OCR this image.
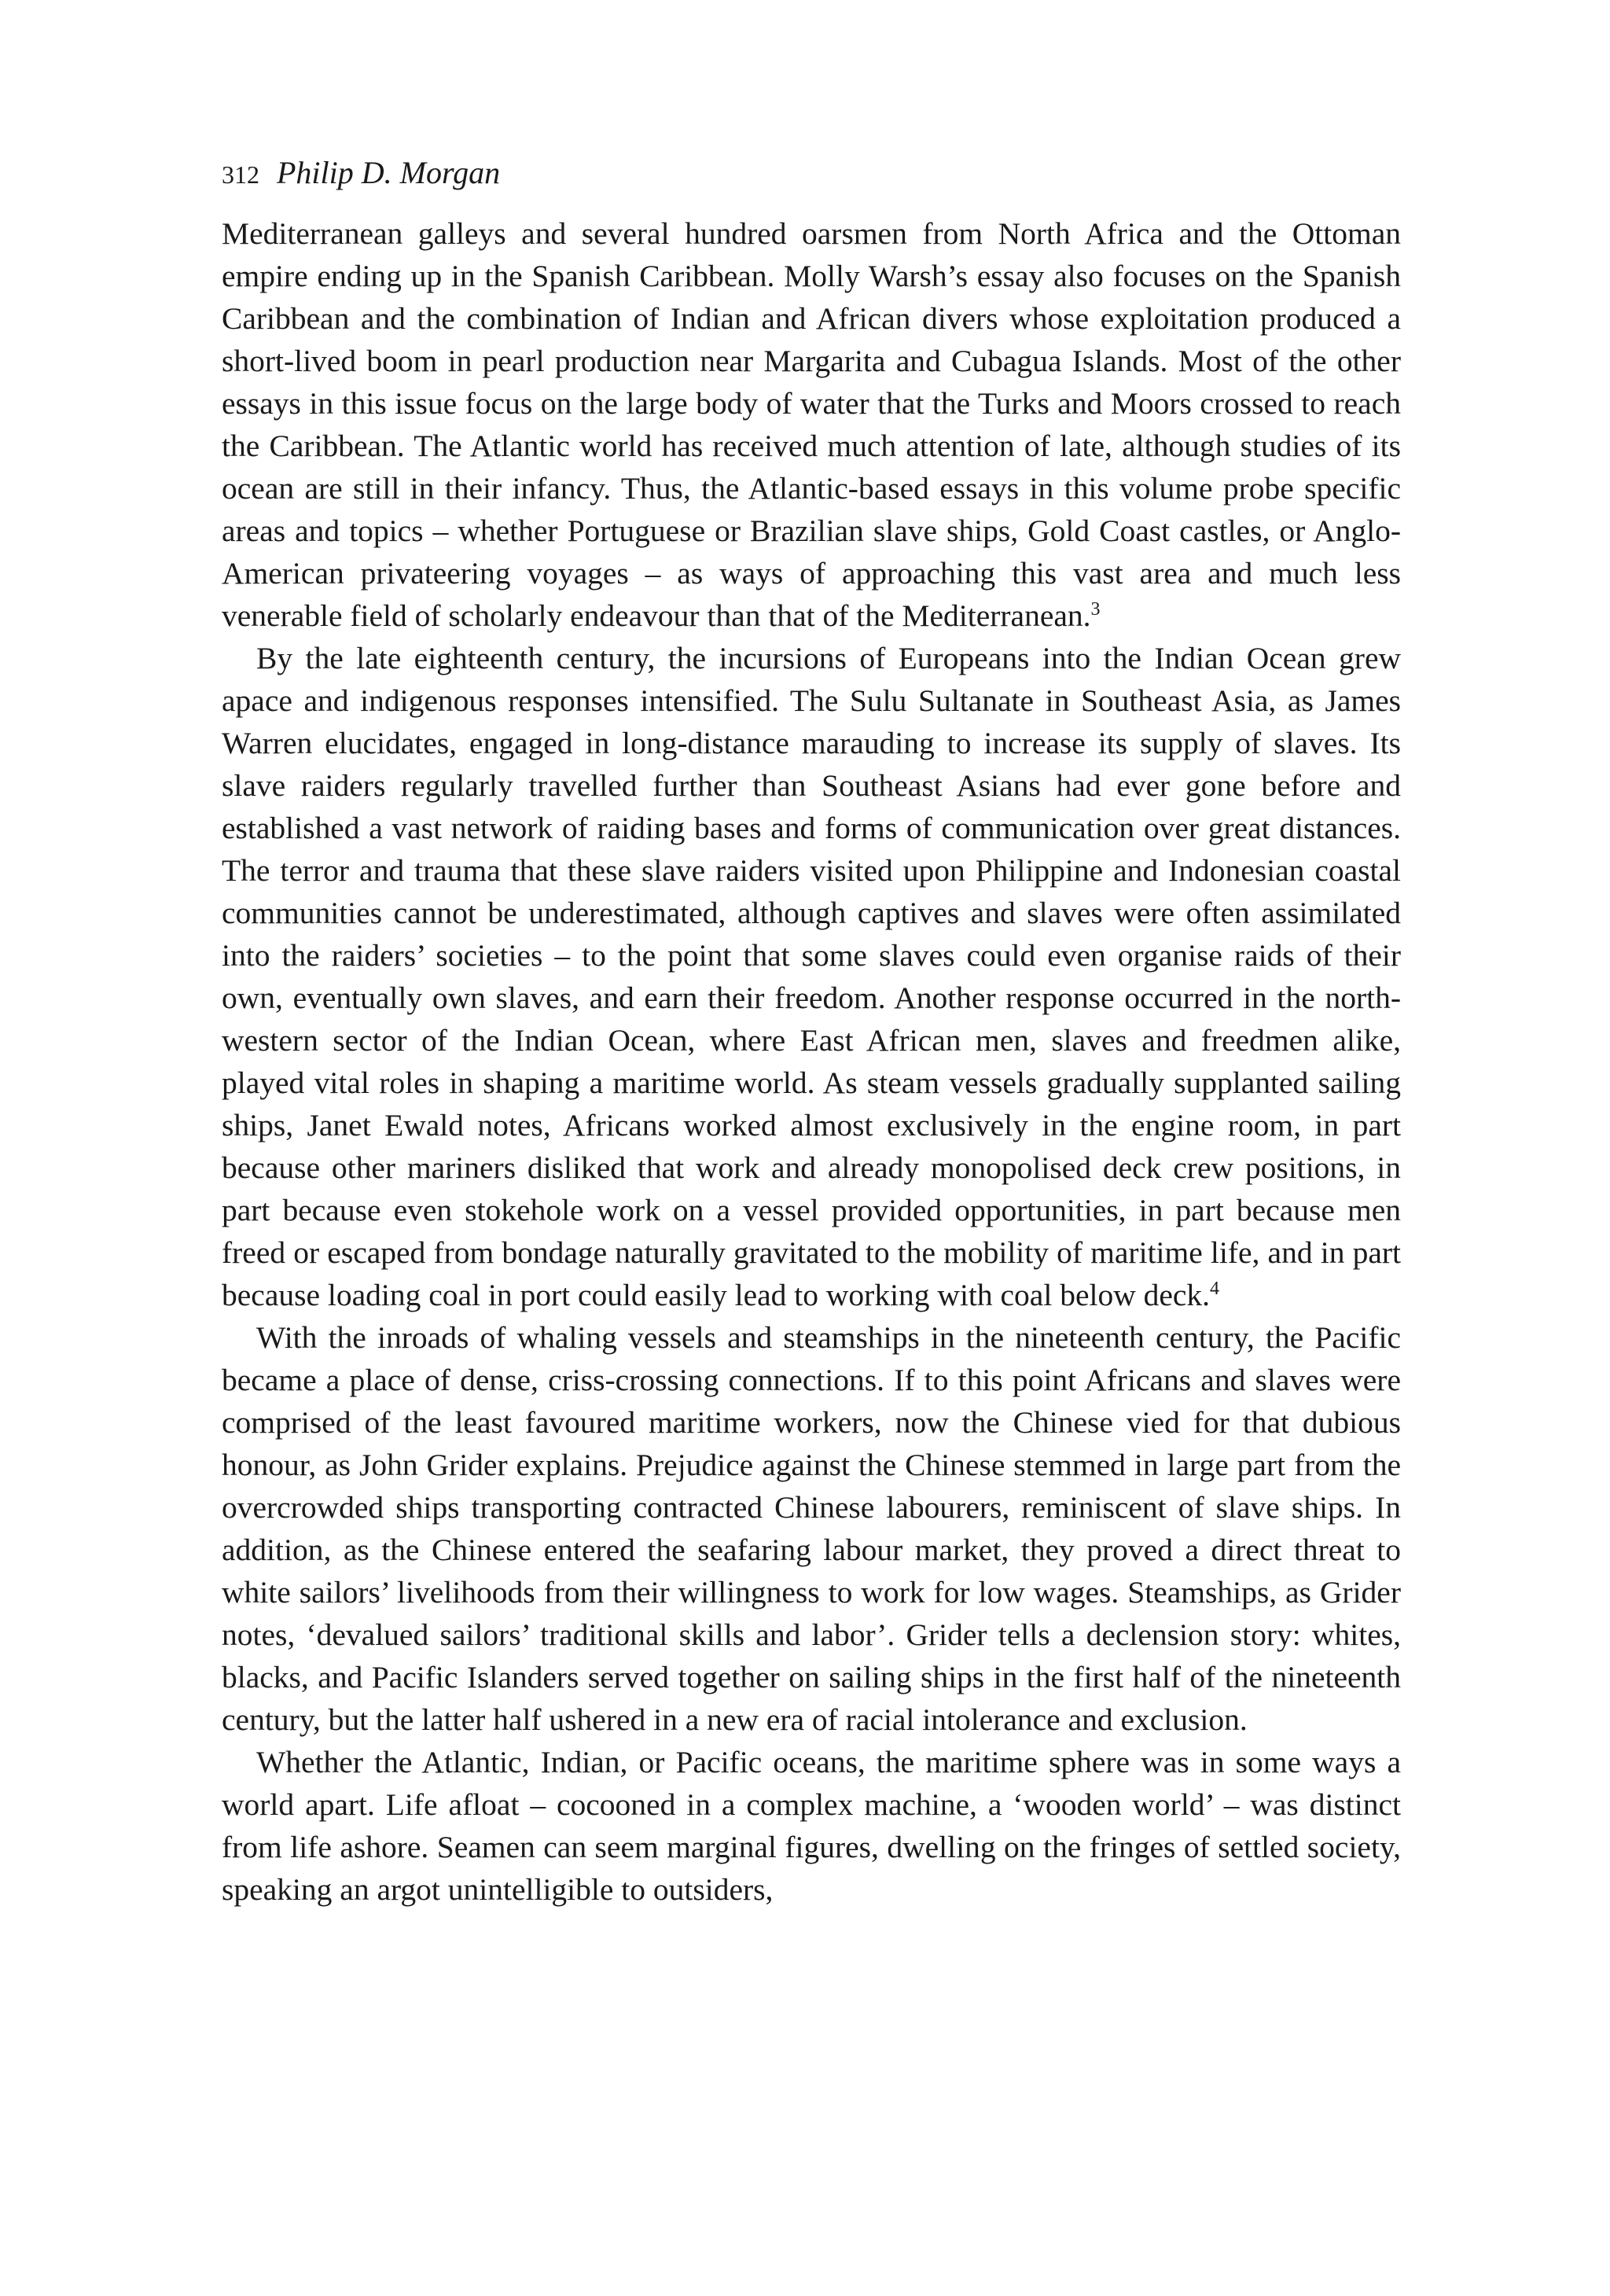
312 Philip D. Morgan

Mediterranean galleys and several hundred oarsmen from North Africa and the Ottoman empire ending up in the Spanish Caribbean. Molly Warsh’s essay also focuses on the Spanish Caribbean and the combination of Indian and African divers whose exploitation produced a short-lived boom in pearl production near Margarita and Cubagua Islands. Most of the other essays in this issue focus on the large body of water that the Turks and Moors crossed to reach the Caribbean. The Atlantic world has received much attention of late, although studies of its ocean are still in their infancy. Thus, the Atlantic-based essays in this volume probe specific areas and topics – whether Portuguese or Brazilian slave ships, Gold Coast castles, or Anglo-American privateering voyages – as ways of approaching this vast area and much less venerable field of scholarly endeavour than that of the Mediterranean.$^3$

By the late eighteenth century, the incursions of Europeans into the Indian Ocean grew apace and indigenous responses intensified. The Sulu Sultanate in Southeast Asia, as James Warren elucidates, engaged in long-distance marauding to increase its supply of slaves. Its slave raiders regularly travelled further than Southeast Asians had ever gone before and established a vast network of raiding bases and forms of communication over great distances. The terror and trauma that these slave raiders visited upon Philippine and Indonesian coastal communities cannot be underestimated, although captives and slaves were often assimilated into the raiders’ societies – to the point that some slaves could even organise raids of their own, eventually own slaves, and earn their freedom. Another response occurred in the north-western sector of the Indian Ocean, where East African men, slaves and freedmen alike, played vital roles in shaping a maritime world. As steam vessels gradually supplanted sailing ships, Janet Ewald notes, Africans worked almost exclusively in the engine room, in part because other mariners disliked that work and already monopolised deck crew positions, in part because even stokehole work on a vessel provided opportunities, in part because men freed or escaped from bondage naturally gravitated to the mobility of maritime life, and in part because loading coal in port could easily lead to working with coal below deck.$^4$

With the inroads of whaling vessels and steamships in the nineteenth century, the Pacific became a place of dense, criss-crossing connections. If to this point Africans and slaves were comprised of the least favoured maritime workers, now the Chinese vied for that dubious honour, as John Grider explains. Prejudice against the Chinese stemmed in large part from the overcrowded ships transporting contracted Chinese labourers, reminiscent of slave ships. In addition, as the Chinese entered the seafaring labour market, they proved a direct threat to white sailors’ livelihoods from their willingness to work for low wages. Steamships, as Grider notes, ‘devalued sailors’ traditional skills and labor’. Grider tells a declension story: whites, blacks, and Pacific Islanders served together on sailing ships in the first half of the nineteenth century, but the latter half ushered in a new era of racial intolerance and exclusion.

Whether the Atlantic, Indian, or Pacific oceans, the maritime sphere was in some ways a world apart. Life afloat – cocooned in a complex machine, a ‘wooden world’ – was distinct from life ashore. Seamen can seem marginal figures, dwelling on the fringes of settled society, speaking an argot unintelligible to outsiders,
